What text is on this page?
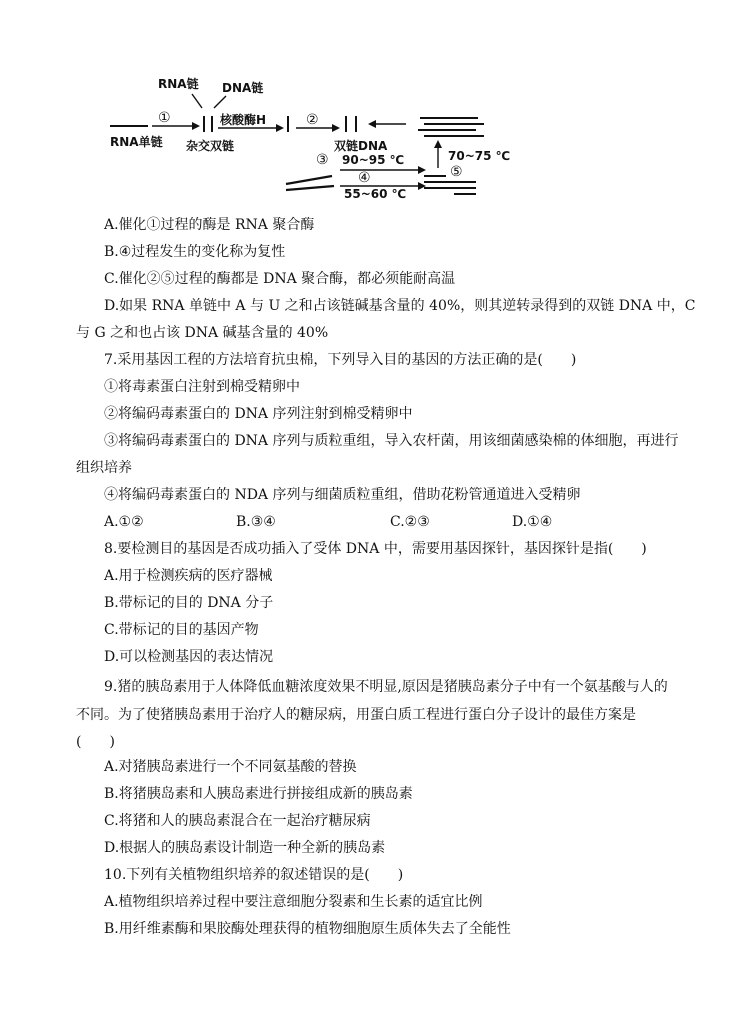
RNA链 DNA链
RNA单链
①
杂交双链
核酸酶H	②
双链DNA
③ 90~95 ℃
④
55~60 ℃
70~75 ℃
⑤
A.催化①过程的酶是 RNA 聚合酶
B.④过程发生的变化称为复性
C.催化②⑤过程的酶都是 DNA 聚合酶，都必须能耐高温
D.如果 RNA 单链中 A 与 U 之和占该链碱基含量的 40%，则其逆转录得到的双链 DNA 中，C
与 G 之和也占该 DNA 碱基含量的 40%
7.采用基因工程的方法培育抗虫棉，下列导入目的基因的方法正确的是(　　)
①将毒素蛋白注射到棉受精卵中
②将编码毒素蛋白的 DNA 序列注射到棉受精卵中
③将编码毒素蛋白的 DNA 序列与质粒重组，导入农杆菌，用该细菌感染棉的体细胞，再进行
组织培养
④将编码毒素蛋白的 NDA 序列与细菌质粒重组，借助花粉管通道进入受精卵
A.①②	B.③④	C.②③	D.①④
8.要检测目的基因是否成功插入了受体 DNA 中，需要用基因探针，基因探针是指(　　)
A.用于检测疾病的医疗器械
B.带标记的目的 DNA 分子
C.带标记的目的基因产物
D.可以检测基因的表达情况
9.猪的胰岛素用于人体降低血糖浓度效果不明显,原因是猪胰岛素分子中有一个氨基酸与人的
不同。为了使猪胰岛素用于治疗人的糖尿病，用蛋白质工程进行蛋白分子设计的最佳方案是
(　　)
A.对猪胰岛素进行一个不同氨基酸的替换
B.将猪胰岛素和人胰岛素进行拼接组成新的胰岛素
C.将猪和人的胰岛素混合在一起治疗糖尿病
D.根据人的胰岛素设计制造一种全新的胰岛素
10.下列有关植物组织培养的叙述错误的是(　　)
A.植物组织培养过程中要注意细胞分裂素和生长素的适宜比例
B.用纤维素酶和果胶酶处理获得的植物细胞原生质体失去了全能性
